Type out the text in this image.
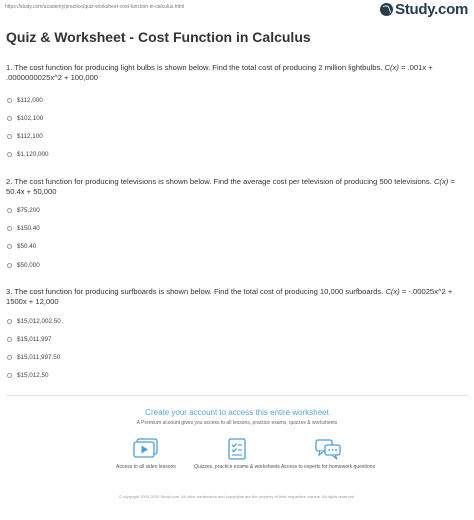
https://study.com/academy/practice/quiz-worksheet-cost-function-in-calculus.html	Study.com
Quiz & Worksheet - Cost Function in Calculus
1. The cost function for producing light bulbs is shown below. Find the total cost of producing 2 million lightbulbs. C(x) = .001x + .0000000025x^2 + 100,000
$112,000
$102,100
$112,100
$1,120,000
2. The cost function for producing televisions is shown below. Find the average cost per television of producing 500 televisions. C(x) = 50.4x + 50,000
$75,200
$150.40
$50.40
$50,000
3. The cost function for producing surfboards is shown below. Find the total cost of producing 10,000 surfboards. C(x) = -.00025x^2 + 1500x + 12,000
$15,012,002.50
$15,011,997
$15,011,997.50
$15,012.50
Create your account to access this entire worksheet
A Premium account gives you access to all lessons, practice exams, quizzes & worksheets
Access to all video lessons	Quizzes, practice exams & worksheets Access to experts for homework questions
© copyright 2003-2020 Study.com. All other trademarks and copyrights are the property of their respective owners. All rights reserved.
